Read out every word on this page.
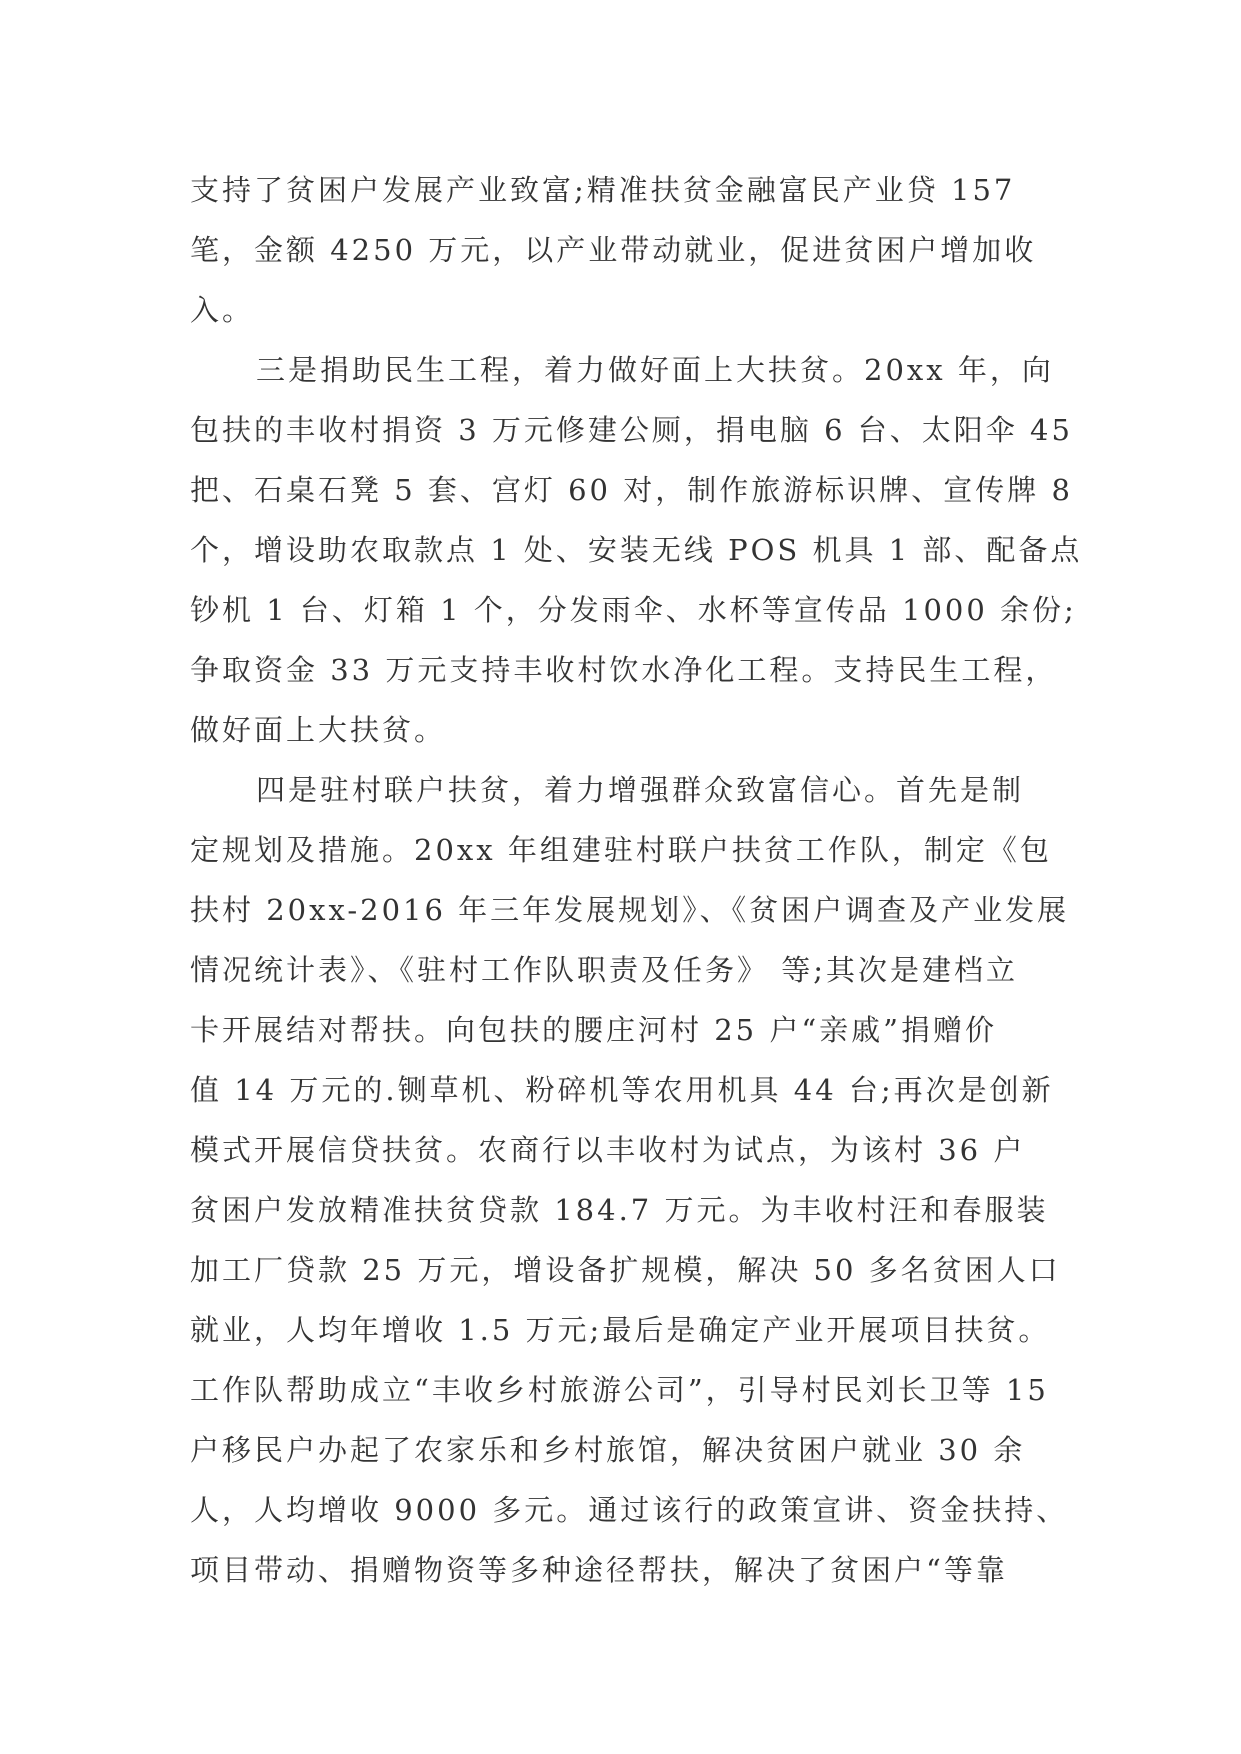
支持了贫困户发展产业致富;精准扶贫金融富民产业贷 157
笔，金额 4250 万元，以产业带动就业，促进贫困户增加收
入。
三是捐助民生工程，着力做好面上大扶贫。20xx 年，向
包扶的丰收村捐资 3 万元修建公厕，捐电脑 6 台、太阳伞 45
把、石桌石凳 5 套、宫灯 60 对，制作旅游标识牌、宣传牌 8
个，增设助农取款点 1 处、安装无线 POS 机具 1 部、配备点
钞机 1 台、灯箱 1 个，分发雨伞、水杯等宣传品 1000 余份;
争取资金 33 万元支持丰收村饮水净化工程。支持民生工程，
做好面上大扶贫。
四是驻村联户扶贫，着力增强群众致富信心。首先是制
定规划及措施。20xx 年组建驻村联户扶贫工作队，制定《包
扶村 20xx-2016 年三年发展规划》、《贫困户调查及产业发展
情况统计表》、《驻村工作队职责及任务》 等;其次是建档立
卡开展结对帮扶。向包扶的腰庄河村 25 户“亲戚”捐赠价
值 14 万元的.铡草机、粉碎机等农用机具 44 台;再次是创新
模式开展信贷扶贫。农商行以丰收村为试点，为该村 36 户
贫困户发放精准扶贫贷款 184.7 万元。为丰收村汪和春服装
加工厂贷款 25 万元，增设备扩规模，解决 50 多名贫困人口
就业，人均年增收 1.5 万元;最后是确定产业开展项目扶贫。
工作队帮助成立“丰收乡村旅游公司”，引导村民刘长卫等 15
户移民户办起了农家乐和乡村旅馆，解决贫困户就业 30 余
人，人均增收 9000 多元。通过该行的政策宣讲、资金扶持、
项目带动、捐赠物资等多种途径帮扶，解决了贫困户“等靠
